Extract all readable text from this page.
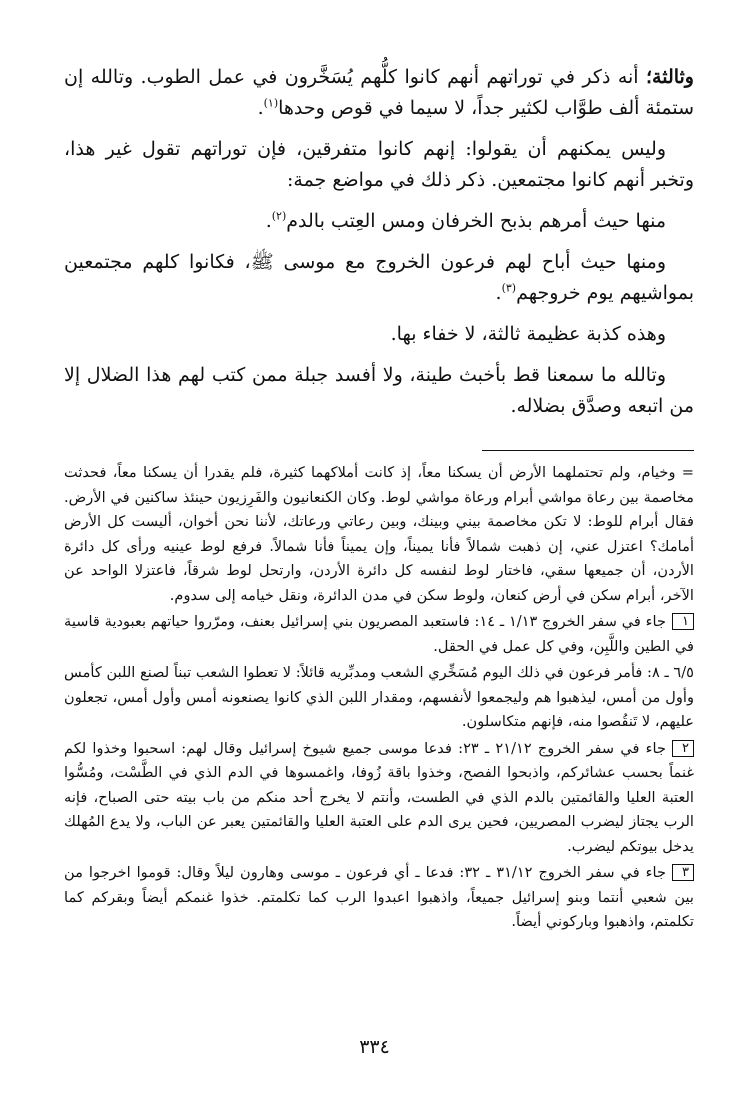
وثالثة؛ أنه ذكر في توراتهم أنهم كانوا كلُّهم يُسَخَّرون في عمل الطوب. وتالله إن ستمئة ألف طوَّاب لكثير جداً، لا سيما في قوص وحدها$^{(١)}$.

وليس يمكنهم أن يقولوا: إنهم كانوا متفرقين، فإن توراتهم تقول غير هذا، وتخبر أنهم كانوا مجتمعين. ذكر ذلك في مواضع جمة:

منها حيث أمرهم بذبح الخرفان ومس العِتب بالدم$^{(٢)}$.

ومنها حيث أباح لهم فرعون الخروج مع موسى ﷺ، فكانوا كلهم مجتمعين بمواشيهم يوم خروجهم$^{(٣)}$.

وهذه كذبة عظيمة ثالثة، لا خفاء بها.

وتالله ما سمعنا قط بأخبث طينة، ولا أفسد جبلة ممن كتب لهم هذا الضلال إلا من اتبعه وصدَّق بضلاله.

= وخيام، ولم تحتملهما الأرض أن يسكنا معاً، إذ كانت أملاكهما كثيرة، فلم يقدرا أن يسكنا معاً، فحدثت مخاصمة بين رعاة مواشي أبرام ورعاة مواشي لوط. وكان الكنعانيون والفَرِزيون حينئذ ساكنين في الأرض. فقال أبرام للوط: لا تكن مخاصمة بيني وبينك، وبين رعاتي ورعاتك، لأننا نحن أخوان، أليست كل الأرض أمامك؟ اعتزل عني، إن ذهبت شمالاً فأنا يميناً، وإن يميناً فأنا شمالاً. فرفع لوط عينيه ورأى كل دائرة الأردن، أن جميعها سقي، فاختار لوط لنفسه كل دائرة الأردن، وارتحل لوط شرقاً، فاعتزلا الواحد عن الآخر، أبرام سكن في أرض كنعان، ولوط سكن في مدن الدائرة، ونقل خيامه إلى سدوم.

١جاء في سفر الخروج ١/١٣ ـ ١٤: فاستعبد المصريون بني إسرائيل بعنف، ومرّروا حياتهم بعبودية قاسية في الطين واللَّبِن، وفي كل عمل في الحقل.

٦/٥ ـ ٨: فأمر فرعون في ذلك اليوم مُسَخِّري الشعب ومدبِّريه قائلاً: لا تعطوا الشعب تبناً لصنع اللبن كأمس وأول من أمس، ليذهبوا هم وليجمعوا لأنفسهم، ومقدار اللبن الذي كانوا يصنعونه أمس وأول أمس، تجعلون عليهم، لا تَنقُصوا منه، فإنهم متكاسلون.

٢جاء في سفر الخروج ٢١/١٢ ـ ٢٣: فدعا موسى جميع شيوخ إسرائيل وقال لهم: اسحبوا وخذوا لكم غنماً بحسب عشائركم، واذبحوا الفصح، وخذوا باقة زُوفا، واغمسوها في الدم الذي في الطَّسْت، ومُسُّوا العتبة العليا والقائمتين بالدم الذي في الطست، وأنتم لا يخرج أحد منكم من باب بيته حتى الصباح، فإنه الرب يجتاز ليضرب المصريين، فحين يرى الدم على العتبة العليا والقائمتين يعبر عن الباب، ولا يدع المُهلك يدخل بيوتكم ليضرب.

٣جاء في سفر الخروج ٣١/١٢ ـ ٣٢: فدعا ـ أي فرعون ـ موسى وهارون ليلاً وقال: قوموا اخرجوا من بين شعبي أنتما وبنو إسرائيل جميعاً، واذهبوا اعبدوا الرب كما تكلمتم. خذوا غنمكم أيضاً وبقركم كما تكلمتم، واذهبوا وباركوني أيضاً.

٣٣٤
